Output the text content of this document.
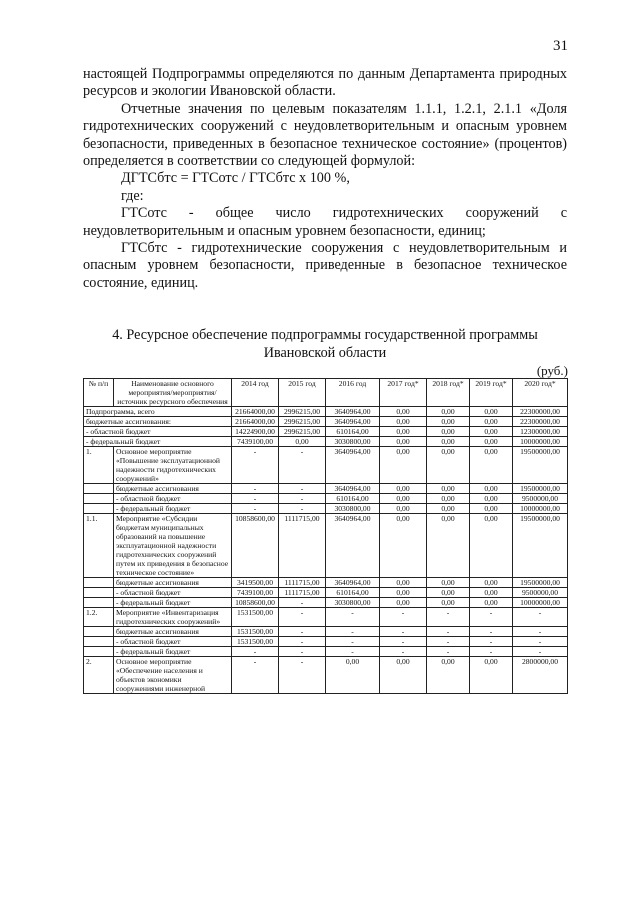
31

настоящей Подпрограммы определяются по данным Департамента природных ресурсов и экологии Ивановской области.

Отчетные значения по целевым показателям 1.1.1, 1.2.1, 2.1.1 «Доля гидротехнических сооружений с неудовлетворительным и опасным уровнем безопасности, приведенных в безопасное техническое состояние» (процентов) определяется в соответствии со следующей формулой:

ДГТСбтс = ГТСотс / ГТСбтс х 100 %,

где:

ГТСотс - общее число гидротехнических сооружений с неудовлетворительным и опасным уровнем безопасности, единиц;

ГТСбтс - гидротехнические сооружения с неудовлетворительным и опасным уровнем безопасности, приведенные в безопасное техническое состояние, единиц.

4. Ресурсное обеспечение подпрограммы государственной программы Ивановской области
(руб.)
№ п/п	Наименование основного мероприятия/мероприятия/ источник ресурсного обеспечения	2014 год	2015 год	2016 год	2017 год*	2018 год*	2019 год*	2020 год*
Подпрограмма, всего		21664000,00	2996215,00	3640964,00	0,00	0,00	0,00	22300000,00
бюджетные ассигнования:		21664000,00	2996215,00	3640964,00	0,00	0,00	0,00	22300000,00
- областной бюджет		14224900,00	2996215,00	610164,00	0,00	0,00	0,00	12300000,00
- федеральный бюджет		7439100,00	0,00	3030800,00	0,00	0,00	0,00	10000000,00
1.	Основное мероприятие «Повышение эксплуатационной надежности гидротехнических сооружений»	-	-	3640964,00	0,00	0,00	0,00	19500000,00
	бюджетные ассигнования	-	-	3640964,00	0,00	0,00	0,00	19500000,00
	- областной бюджет	-	-	610164,00	0,00	0,00	0,00	9500000,00
	- федеральный бюджет	-	-	3030800,00	0,00	0,00	0,00	10000000,00
1.1.	Мероприятие «Субсидии бюджетам муниципальных образований на повышение эксплуатационной надежности гидротехнических сооружений путем их приведения в безопасное техническое состояние»	10858600,00	1111715,00	3640964,00	0,00	0,00	0,00	19500000,00
	бюджетные ассигнования	3419500,00	1111715,00	3640964,00	0,00	0,00	0,00	19500000,00
	- областной бюджет	7439100,00	1111715,00	610164,00	0,00	0,00	0,00	9500000,00
	- федеральный бюджет	10858600,00	-	3030800,00	0,00	0,00	0,00	10000000,00
1.2.	Мероприятие «Инвентаризация гидротехнических сооружений»	1531500,00	-	-	-	-	-	-
	бюджетные ассигнования	1531500,00	-	-	-	-	-	-
	- областной бюджет	1531500,00	-	-	-	-	-	-
	- федеральный бюджет	-	-	-	-	-	-	-
2.	Основное мероприятие «Обеспечение населения и объектов экономики сооружениями инженерной	-	-	0,00	0,00	0,00	0,00	2800000,00
